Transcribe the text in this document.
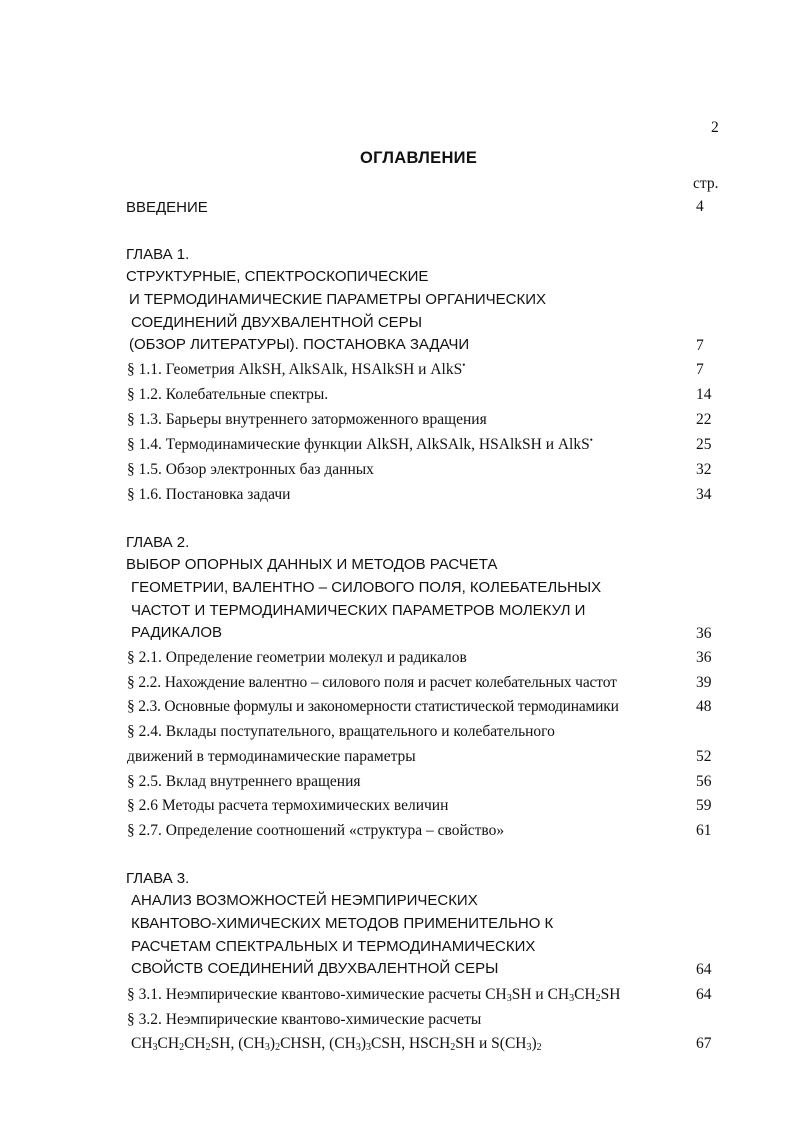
2
ОГЛАВЛЕНИЕ
стр.
ВВЕДЕНИЕ	4
ГЛАВА 1.
СТРУКТУРНЫЕ, СПЕКТРОСКОПИЧЕСКИЕ
И ТЕРМОДИНАМИЧЕСКИЕ ПАРАМЕТРЫ ОРГАНИЧЕСКИХ
СОЕДИНЕНИЙ ДВУХВАЛЕНТНОЙ СЕРЫ
(ОБЗОР ЛИТЕРАТУРЫ). ПОСТАНОВКА ЗАДАЧИ	7
§ 1.1. Геометрия AlkSH, AlkSAlk, HSAlkSH и AlkS•	7
§ 1.2. Колебательные спектры.	14
§ 1.3. Барьеры внутреннего заторможенного вращения	22
§ 1.4. Термодинамические функции AlkSH, AlkSAlk, HSAlkSH и AlkS•	25
§ 1.5. Обзор электронных баз данных	32
§ 1.6. Постановка задачи	34
ГЛАВА 2.
ВЫБОР ОПОРНЫХ ДАННЫХ И МЕТОДОВ РАСЧЕТА
ГЕОМЕТРИИ, ВАЛЕНТНО – СИЛОВОГО ПОЛЯ, КОЛЕБАТЕЛЬНЫХ
ЧАСТОТ И ТЕРМОДИНАМИЧЕСКИХ ПАРАМЕТРОВ МОЛЕКУЛ И
РАДИКАЛОВ	36
§ 2.1. Определение геометрии молекул и радикалов	36
§ 2.2. Нахождение валентно – силового поля и расчет колебательных частот	39
§ 2.3. Основные формулы и закономерности статистической термодинамики	48
§ 2.4. Вклады поступательного, вращательного и колебательного
движений в термодинамические параметры	52
§ 2.5. Вклад внутреннего вращения	56
§ 2.6 Методы расчета термохимических величин	59
§ 2.7. Определение соотношений «структура – свойство»	61
ГЛАВА 3.
АНАЛИЗ ВОЗМОЖНОСТЕЙ НЕЭМПИРИЧЕСКИХ
КВАНТОВО-ХИМИЧЕСКИХ МЕТОДОВ ПРИМЕНИТЕЛЬНО К
РАСЧЕТАМ СПЕКТРАЛЬНЫХ И ТЕРМОДИНАМИЧЕСКИХ
СВОЙСТВ СОЕДИНЕНИЙ ДВУХВАЛЕНТНОЙ СЕРЫ	64
§ 3.1. Неэмпирические квантово-химические расчеты $CH_3SH$ и $CH_3CH_2SH$	64
§ 3.2. Неэмпирические квантово-химические расчеты
$CH_3CH_2CH_2SH$, $(CH_3)_2CHSH$, $(CH_3)_3CSH$, $HSCH_2SH$ и $S(CH_3)_2$	67
